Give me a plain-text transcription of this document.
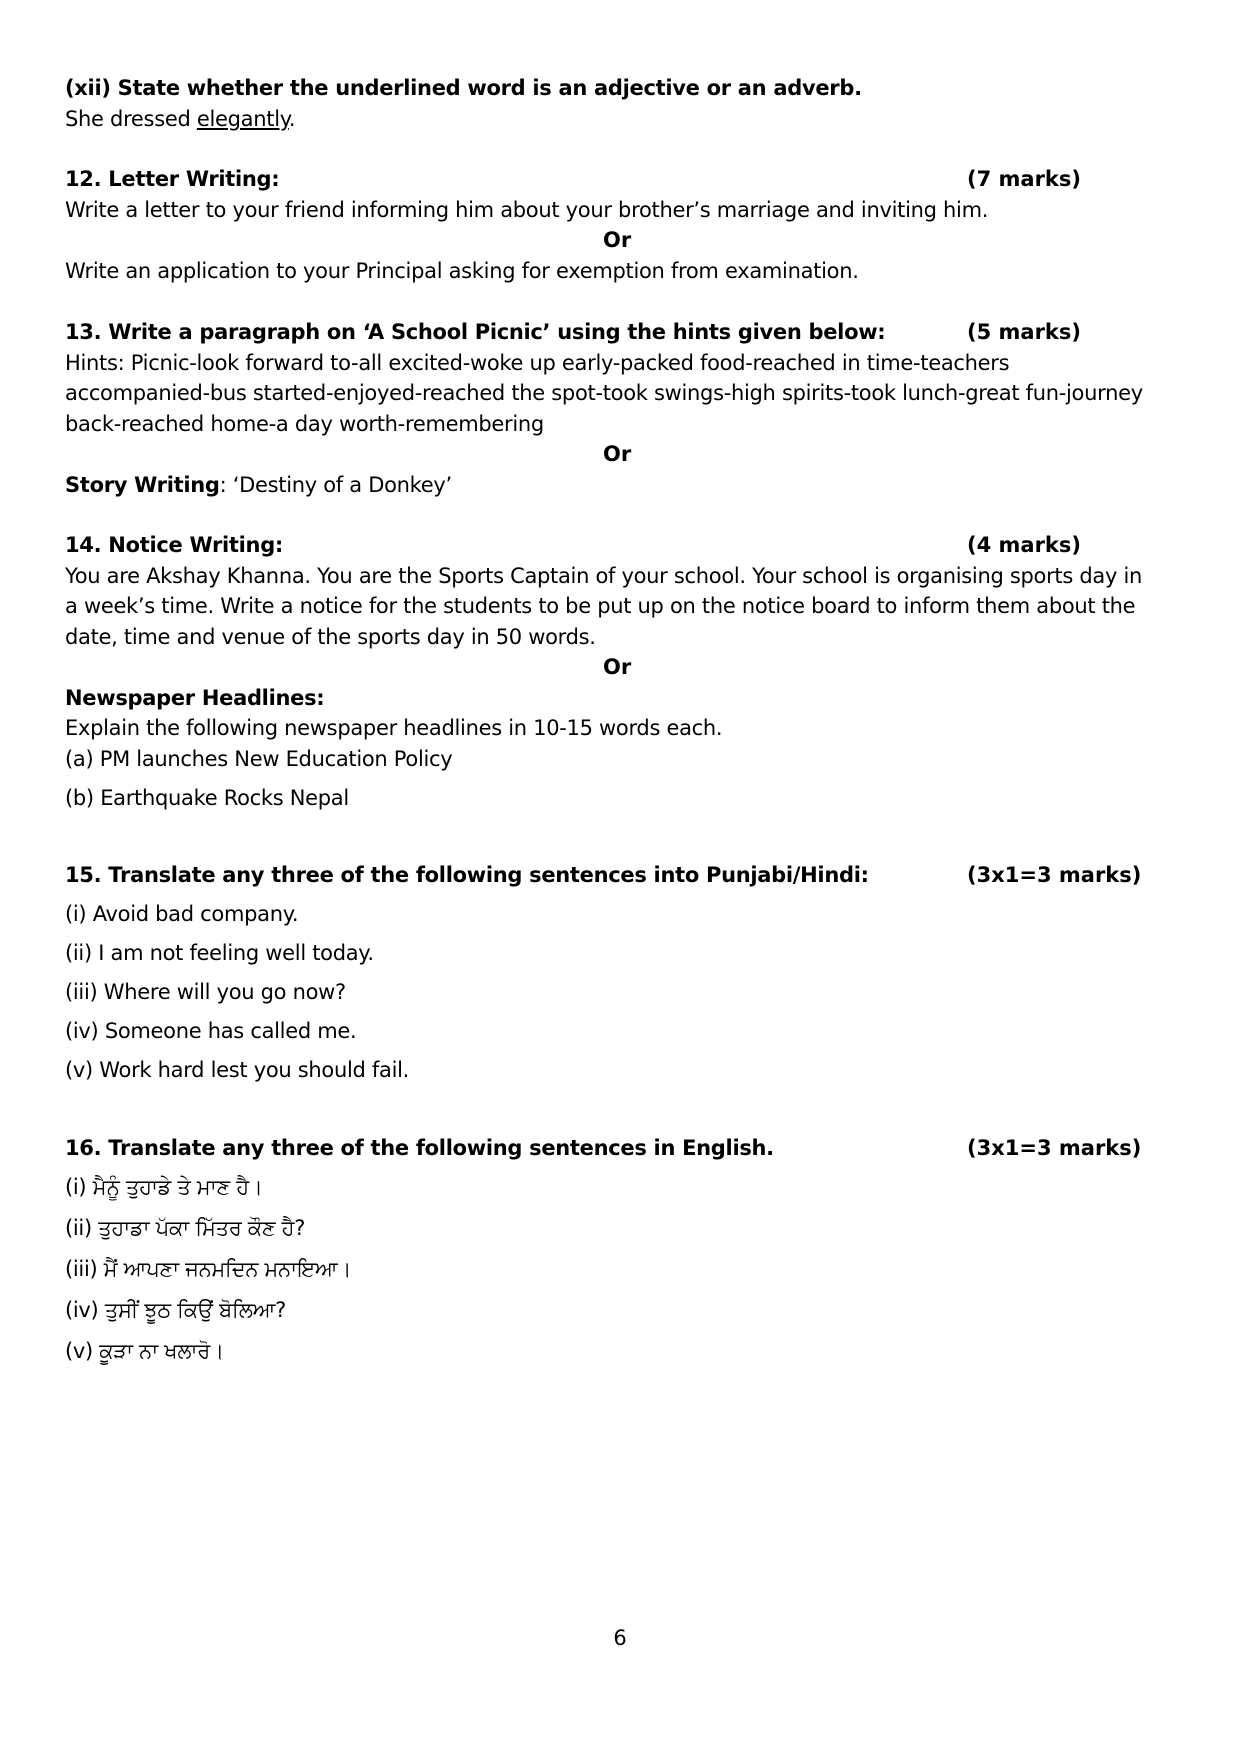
(xii) State whether the underlined word is an adjective or an adverb.
She dressed elegantly.
12. Letter Writing:	(7 marks)
Write a letter to your friend informing him about your brother’s marriage and inviting him.
Or
Write an application to your Principal asking for exemption from examination.
13. Write a paragraph on ‘A School Picnic’ using the hints given below:	(5 marks)
Hints: Picnic-look forward to-all excited-woke up early-packed food-reached in time-teachers
accompanied-bus started-enjoyed-reached the spot-took swings-high spirits-took lunch-great fun-journey
back-reached home-a day worth-remembering
Or
Story Writing: ‘Destiny of a Donkey’
14. Notice Writing:	(4 marks)
You are Akshay Khanna. You are the Sports Captain of your school. Your school is organising sports day in
a week’s time. Write a notice for the students to be put up on the notice board to inform them about the
date, time and venue of the sports day in 50 words.
Or
Newspaper Headlines:
Explain the following newspaper headlines in 10-15 words each.
(a) PM launches New Education Policy
(b) Earthquake Rocks Nepal
15. Translate any three of the following sentences into Punjabi/Hindi:	(3x1=3 marks)
(i) Avoid bad company.
(ii) I am not feeling well today.
(iii) Where will you go now?
(iv) Someone has called me.
(v) Work hard lest you should fail.
16. Translate any three of the following sentences in English.	(3x1=3 marks)
(i) ਮੈਨੂੰ ਤੁਹਾਡੇ ਤੇ ਮਾਣ ਹੈ।
(ii) ਤੁਹਾਡਾ ਪੱਕਾ ਮਿੱਤਰ ਕੌਣ ਹੈ?
(iii) ਮੈਂ ਆਪਣਾ ਜਨਮਦਿਨ ਮਨਾਇਆ।
(iv) ਤੁਸੀਂ ਝੂਠ ਕਿਉਂ ਬੋਲਿਆ?
(v) ਕੂੜਾ ਨਾ ਖਲਾਰੋ।
6
